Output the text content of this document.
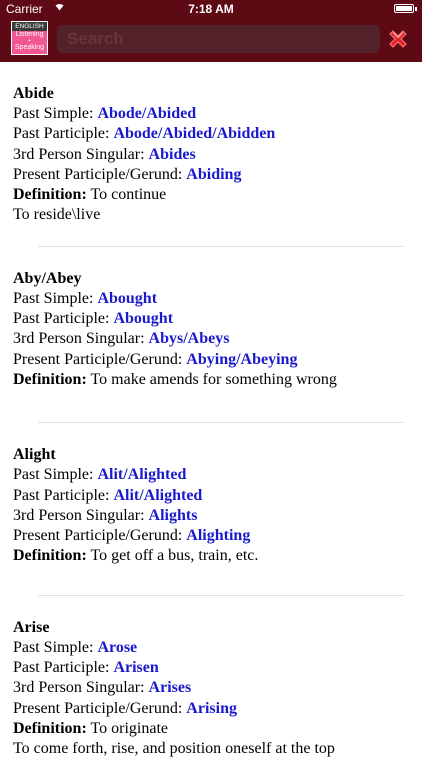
Carrier	7:18 AM
ENGLISH
Listening
+
Speaking
Search
Abide
Past Simple: Abode/Abided
Past Participle: Abode/Abided/Abidden
3rd Person Singular: Abides
Present Participle/Gerund: Abiding
Definition: To continue
To reside\live
Aby/Abey
Past Simple: Abought
Past Participle: Abought
3rd Person Singular: Abys/Abeys
Present Participle/Gerund: Abying/Abeying
Definition: To make amends for something wrong
Alight
Past Simple: Alit/Alighted
Past Participle: Alit/Alighted
3rd Person Singular: Alights
Present Participle/Gerund: Alighting
Definition: To get off a bus, train, etc.
Arise
Past Simple: Arose
Past Participle: Arisen
3rd Person Singular: Arises
Present Participle/Gerund: Arising
Definition: To originate
To come forth, rise, and position oneself at the top
